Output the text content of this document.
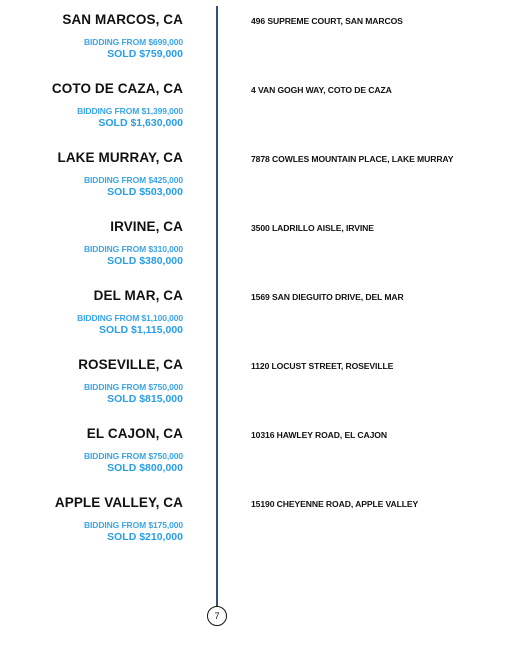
SAN MARCOS, CA
BIDDING FROM $699,000
SOLD $759,000
496 SUPREME COURT, SAN MARCOS
COTO DE CAZA, CA
BIDDING FROM $1,399,000
SOLD $1,630,000
4 VAN GOGH WAY, COTO DE CAZA
LAKE MURRAY, CA
BIDDING FROM $425,000
SOLD $503,000
7878 COWLES MOUNTAIN PLACE, LAKE MURRAY
IRVINE, CA
BIDDING FROM $310,000
SOLD $380,000
3500 LADRILLO AISLE, IRVINE
DEL MAR, CA
BIDDING FROM $1,100,000
SOLD $1,115,000
1569 SAN DIEGUITO DRIVE, DEL MAR
ROSEVILLE, CA
BIDDING FROM $750,000
SOLD $815,000
1120 LOCUST STREET, ROSEVILLE
EL CAJON, CA
BIDDING FROM $750,000
SOLD $800,000
10316 HAWLEY ROAD, EL CAJON
APPLE VALLEY, CA
BIDDING FROM $175,000
SOLD $210,000
15190 CHEYENNE ROAD, APPLE VALLEY
7
